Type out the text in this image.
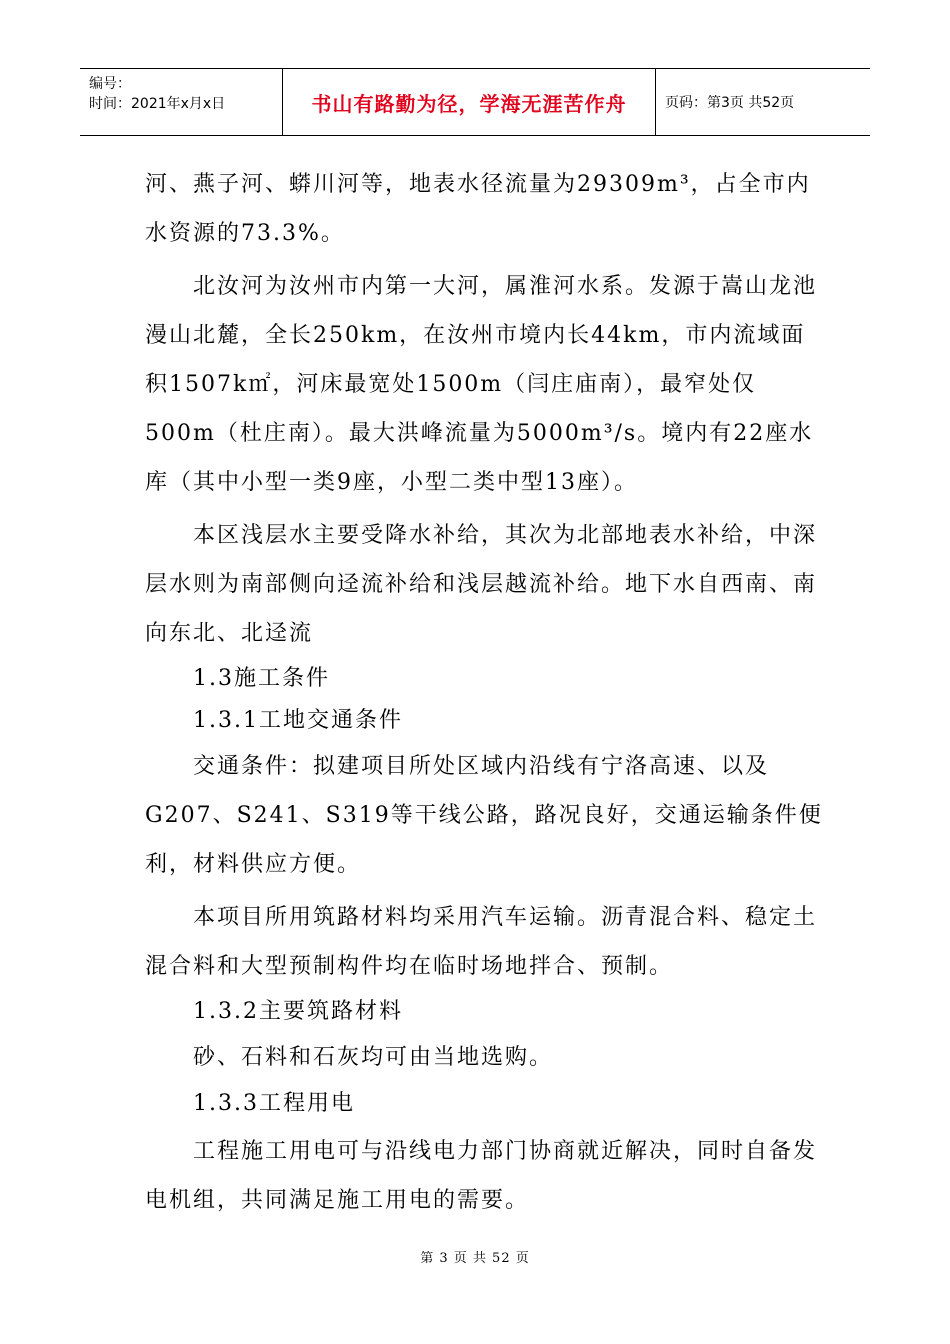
编号：
时间：2021年x月x日	书山有路勤为径，学海无涯苦作舟	页码：第3页 共52页

河、燕子河、蟒川河等，地表水径流量为29309m³，占全市内水资源的73.3%。

北汝河为汝州市内第一大河，属淮河水系。发源于嵩山龙池漫山北麓，全长250km，在汝州市境内长44km，市内流域面积1507k㎡，河床最宽处1500m（闫庄庙南），最窄处仅500m（杜庄南）。最大洪峰流量为5000m³/s。境内有22座水库（其中小型一类9座，小型二类中型13座）。

本区浅层水主要受降水补给，其次为北部地表水补给，中深层水则为南部侧向迳流补给和浅层越流补给。地下水自西南、南向东北、北迳流

1.3施工条件

1.3.1工地交通条件

交通条件：拟建项目所处区域内沿线有宁洛高速、以及G207、S241、S319等干线公路，路况良好，交通运输条件便利，材料供应方便。

本项目所用筑路材料均采用汽车运输。沥青混合料、稳定土混合料和大型预制构件均在临时场地拌合、预制。

1.3.2主要筑路材料

砂、石料和石灰均可由当地选购。

1.3.3工程用电

工程施工用电可与沿线电力部门协商就近解决，同时自备发电机组，共同满足施工用电的需要。

第 3 页 共 52 页
